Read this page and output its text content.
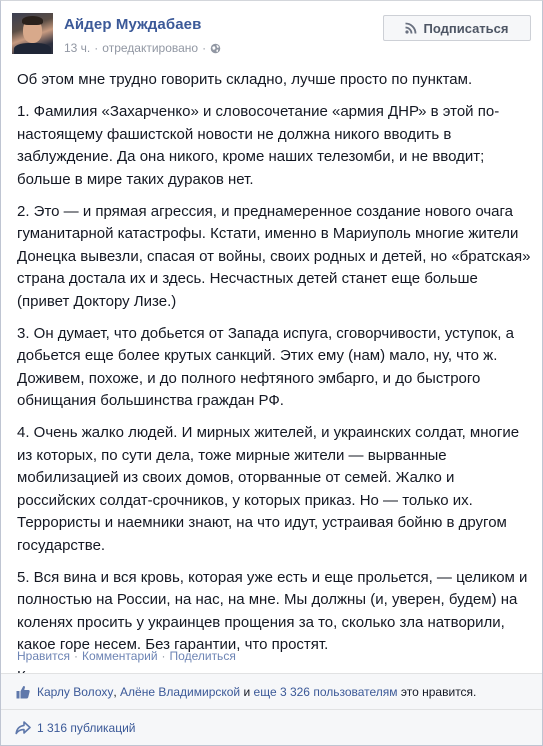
Айдер Муждабаев
13 ч. · отредактировано ·
Подписаться

Об этом мне трудно говорить складно, лучше просто по пунктам.

1. Фамилия «Захарченко» и словосочетание «армия ДНР» в этой по-настоящему фашистской новости не должна никого вводить в заблуждение. Да она никого, кроме наших телезомби, и не вводит; больше в мире таких дураков нет.

2. Это — и прямая агрессия, и преднамеренное создание нового очага гуманитарной катастрофы. Кстати, именно в Мариуполь многие жители Донецка вывезли, спасая от войны, своих родных и детей, но «братская» страна достала их и здесь. Несчастных детей станет еще больше (привет Доктору Лизе.)

3. Он думает, что добьется от Запада испуга, сговорчивости, уступок, а добьется еще более крутых санкций. Этих ему (нам) мало, ну, что ж. Доживем, похоже, и до полного нефтяного эмбарго, и до быстрого обнищания большинства граждан РФ.

4. Очень жалко людей. И мирных жителей, и украинских солдат, многие из которых, по сути дела, тоже мирные жители — вырванные мобилизацией из своих домов, оторванные от семей. Жалко и российских солдат-срочников, у которых приказ. Но — только их. Террористы и наемники знают, на что идут, устраивая бойню в другом государстве.

5. Вся вина и вся кровь, которая уже есть и еще прольется, — целиком и полностью на России, на нас, на мне. Мы должны (и, уверен, будем) на коленях просить у украинцев прощения за то, сколько зла натворили, какое горе несем. Без гарантии, что простят.

Нравится · Комментарий · Поделиться
Карлу Волоху ,
Алёне Владимирской
и
еще 3 326 пользователям
это нравится.
1 316 публикаций
